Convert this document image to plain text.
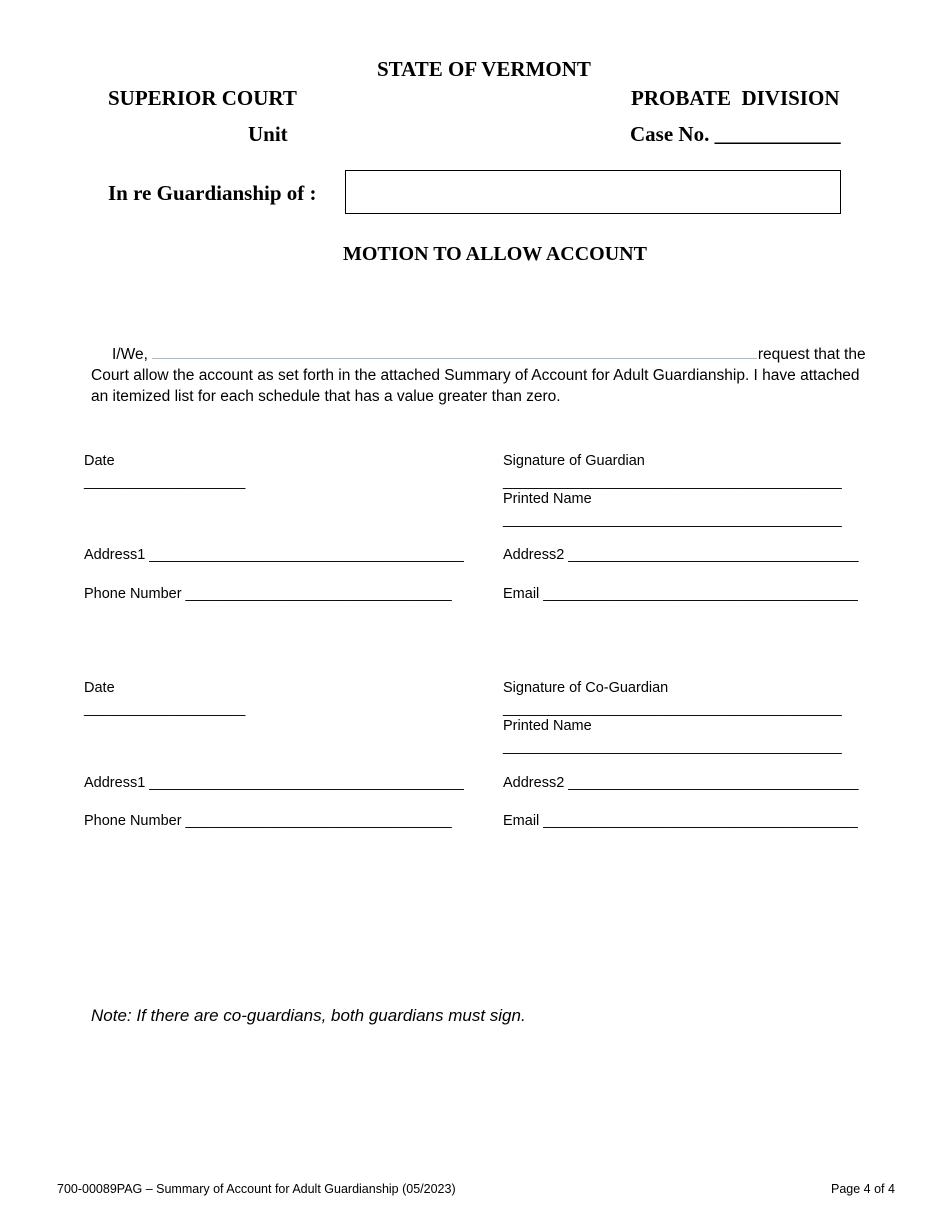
STATE OF VERMONT
SUPERIOR COURT	PROBATE  DIVISION
Unit	Case No. ____________
In re Guardianship of :
MOTION TO ALLOW ACCOUNT
I/We,	request that the
Court allow the account as set forth in the attached Summary of Account for Adult Guardianship. I have attached
an itemized list for each schedule that has a value greater than zero.
Date
____________________
Signature of Guardian
__________________________________________
Printed Name
__________________________________________
Address1 _______________________________________	Address2 ____________________________________
Phone Number _________________________________	Email _______________________________________
Date
____________________
Signature of Co-Guardian
__________________________________________
Printed Name
__________________________________________
Address1 _______________________________________	Address2 ____________________________________
Phone Number _________________________________	Email _______________________________________
Note: If there are co-guardians, both guardians must sign.
700-00089PAG – Summary of Account for Adult Guardianship (05/2023)	Page 4 of 4
